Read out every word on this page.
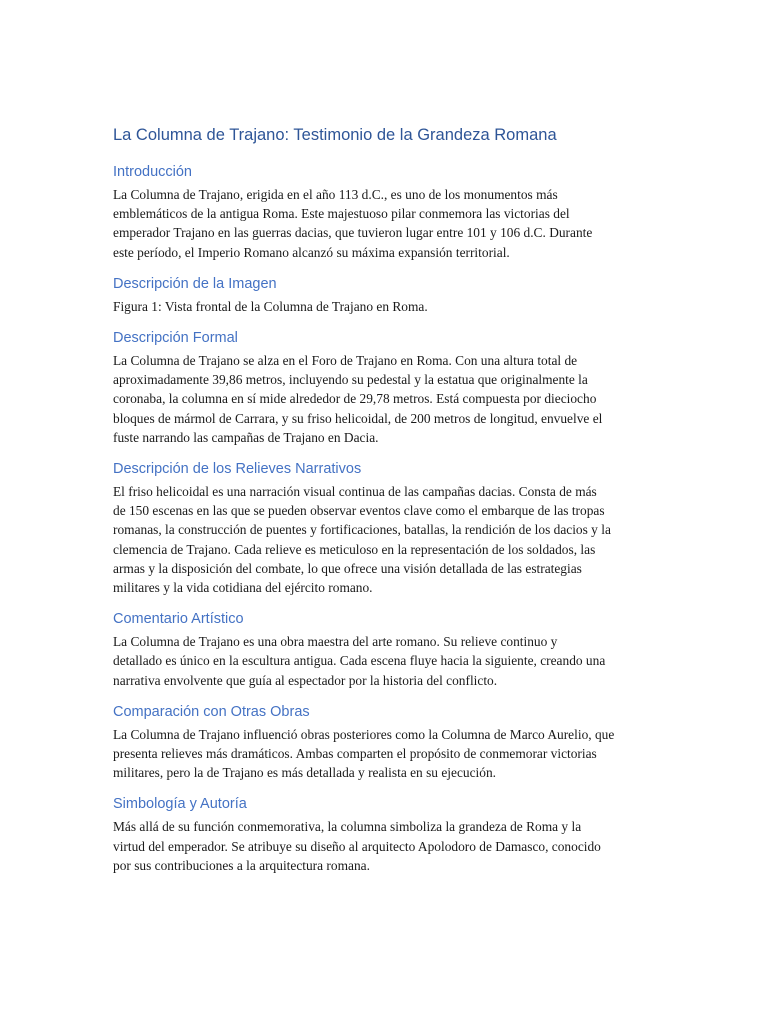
La Columna de Trajano: Testimonio de la Grandeza Romana
Introducción

La Columna de Trajano, erigida en el año 113 d.C., es uno de los monumentos más
emblemáticos de la antigua Roma. Este majestuoso pilar conmemora las victorias del
emperador Trajano en las guerras dacias, que tuvieron lugar entre 101 y 106 d.C. Durante
este período, el Imperio Romano alcanzó su máxima expansión territorial.

Descripción de la Imagen

Figura 1: Vista frontal de la Columna de Trajano en Roma.

Descripción Formal

La Columna de Trajano se alza en el Foro de Trajano en Roma. Con una altura total de
aproximadamente 39,86 metros, incluyendo su pedestal y la estatua que originalmente la
coronaba, la columna en sí mide alrededor de 29,78 metros. Está compuesta por dieciocho
bloques de mármol de Carrara, y su friso helicoidal, de 200 metros de longitud, envuelve el
fuste narrando las campañas de Trajano en Dacia.

Descripción de los Relieves Narrativos

El friso helicoidal es una narración visual continua de las campañas dacias. Consta de más
de 150 escenas en las que se pueden observar eventos clave como el embarque de las tropas
romanas, la construcción de puentes y fortificaciones, batallas, la rendición de los dacios y la
clemencia de Trajano. Cada relieve es meticuloso en la representación de los soldados, las
armas y la disposición del combate, lo que ofrece una visión detallada de las estrategias
militares y la vida cotidiana del ejército romano.

Comentario Artístico

La Columna de Trajano es una obra maestra del arte romano. Su relieve continuo y
detallado es único en la escultura antigua. Cada escena fluye hacia la siguiente, creando una
narrativa envolvente que guía al espectador por la historia del conflicto.

Comparación con Otras Obras

La Columna de Trajano influenció obras posteriores como la Columna de Marco Aurelio, que
presenta relieves más dramáticos. Ambas comparten el propósito de conmemorar victorias
militares, pero la de Trajano es más detallada y realista en su ejecución.

Simbología y Autoría

Más allá de su función conmemorativa, la columna simboliza la grandeza de Roma y la
virtud del emperador. Se atribuye su diseño al arquitecto Apolodoro de Damasco, conocido
por sus contribuciones a la arquitectura romana.
